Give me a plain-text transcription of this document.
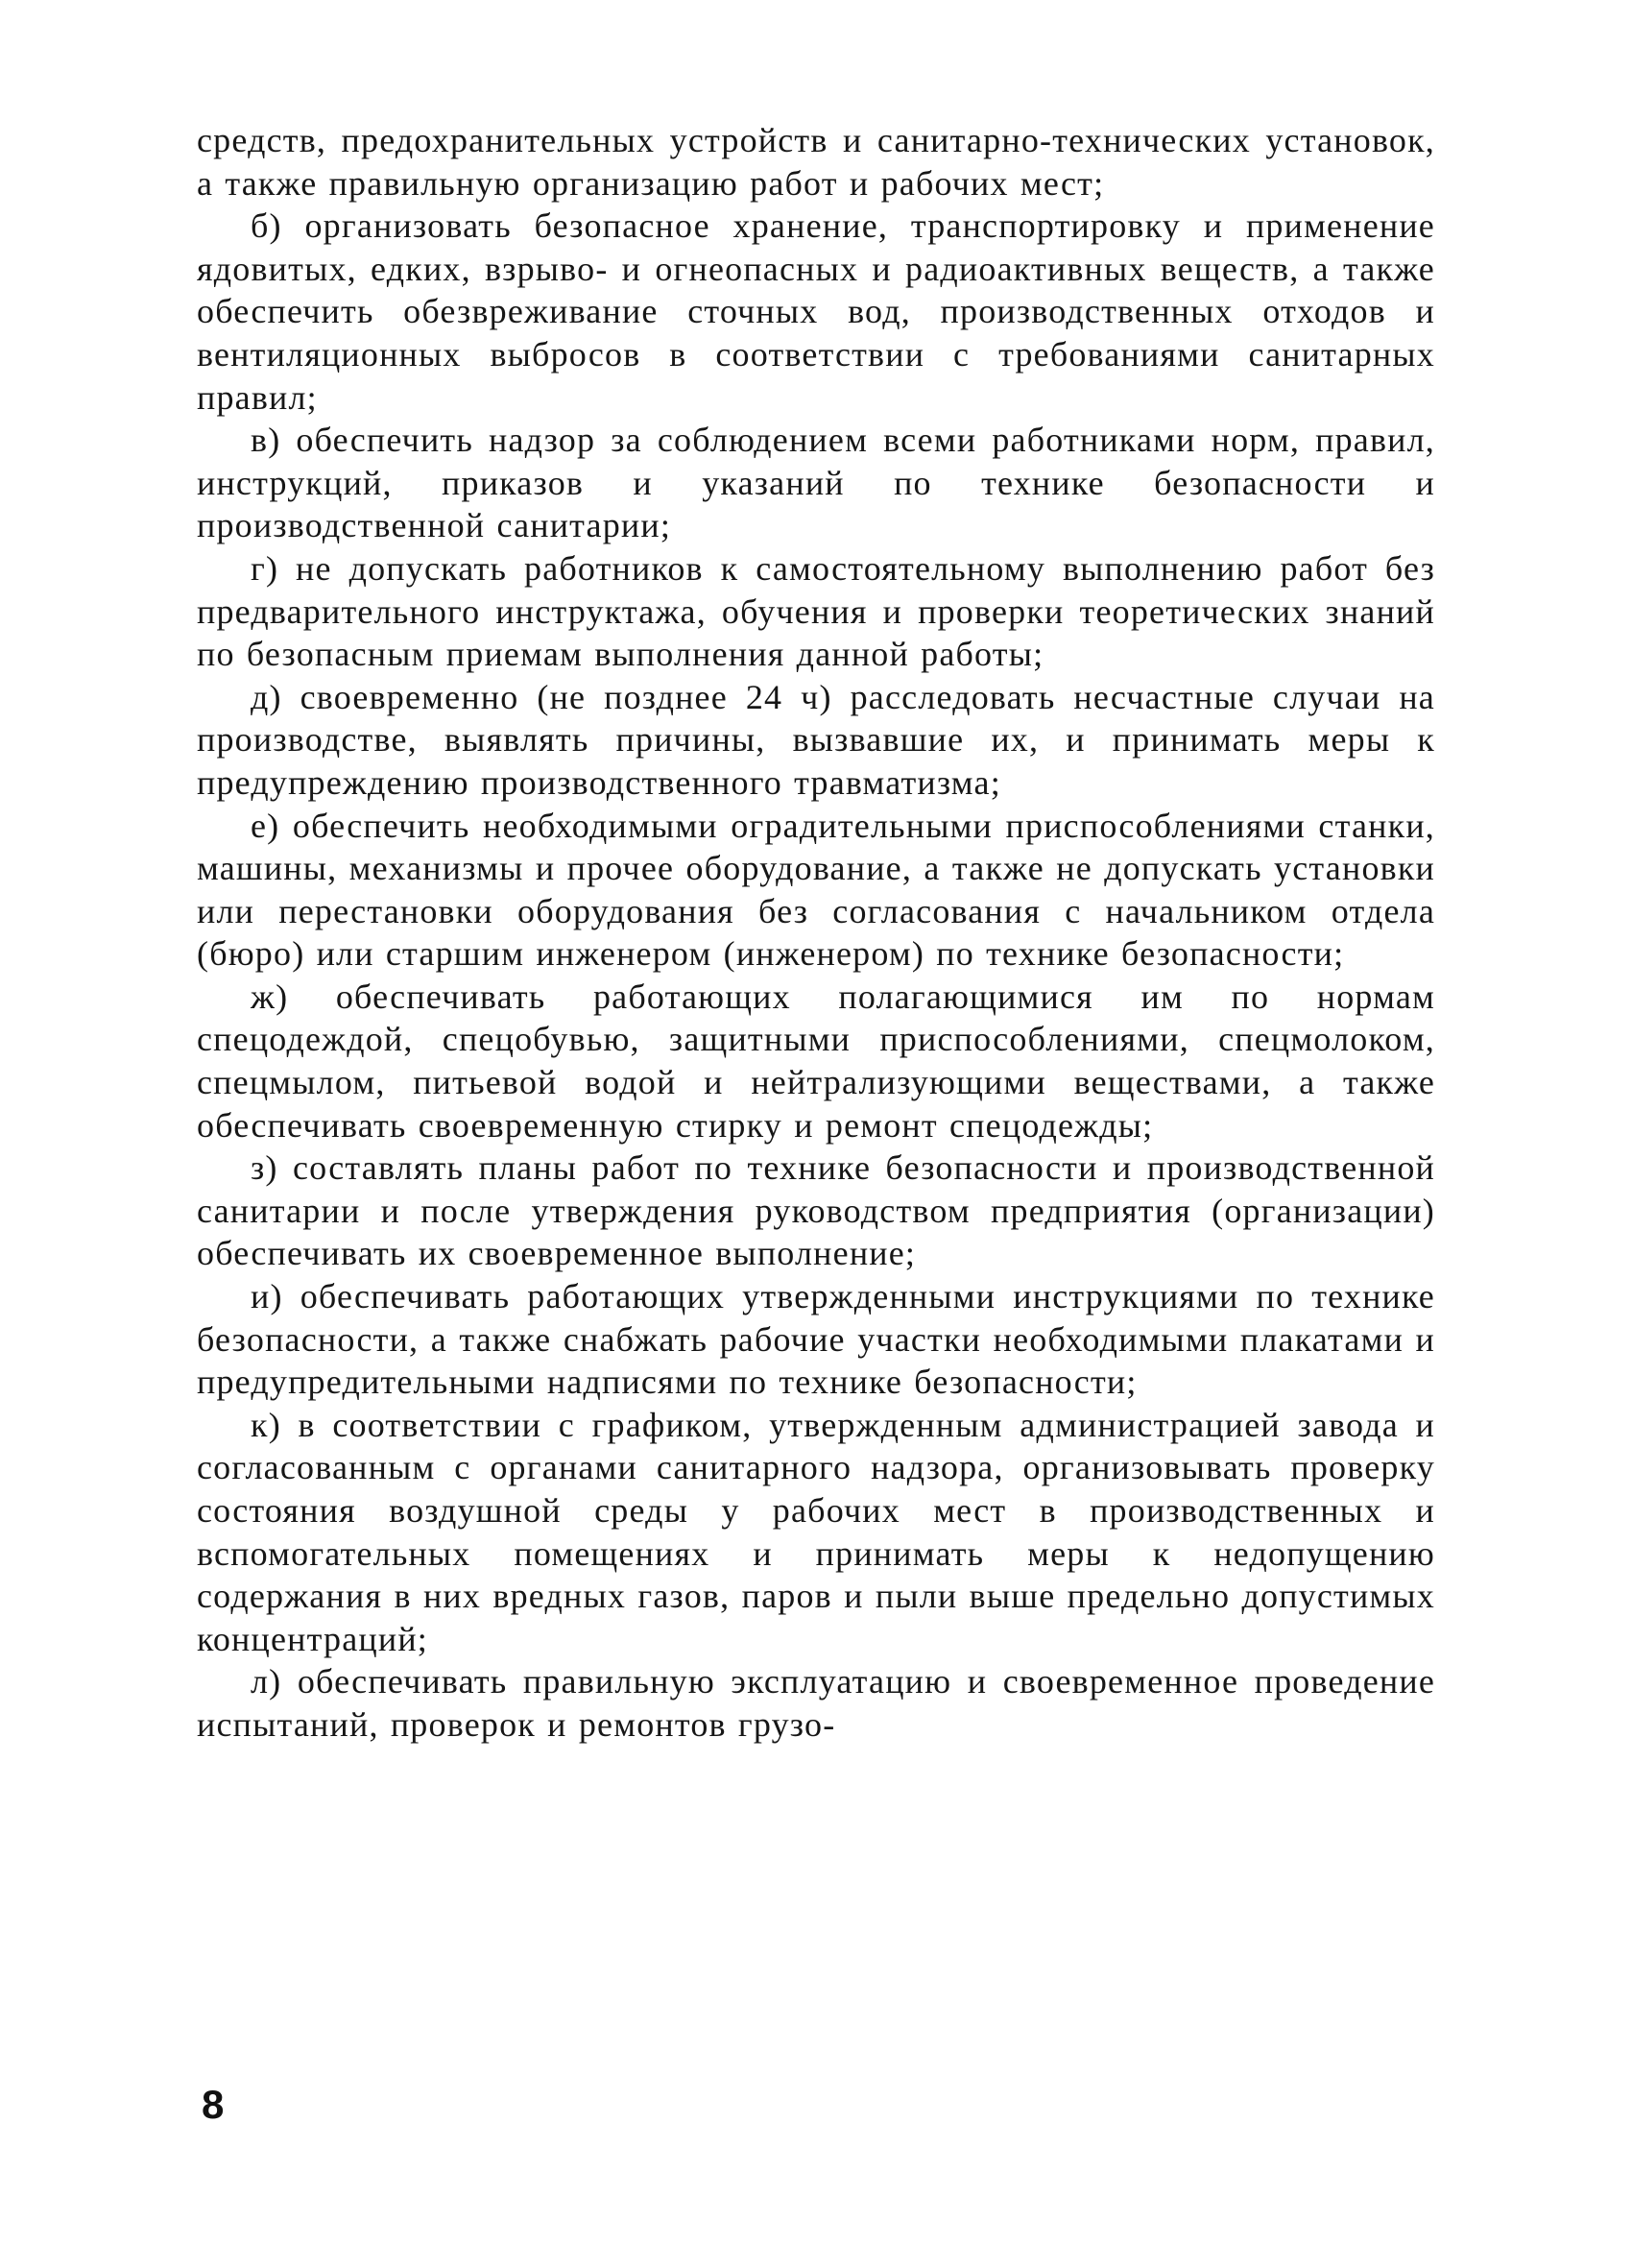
средств, предохранительных устройств и санитарно-технических установок, а также правильную организацию работ и рабочих мест;

б) организовать безопасное хранение, транспортировку и применение ядовитых, едких, взрыво- и огнеопасных и радиоактивных веществ, а также обеспечить обезвреживание сточных вод, производственных отходов и вентиляционных выбросов в соответствии с требованиями санитарных правил;

в) обеспечить надзор за соблюдением всеми работниками норм, правил, инструкций, приказов и указаний по технике безопасности и производственной санитарии;

г) не допускать работников к самостоятельному выполнению работ без предварительного инструктажа, обучения и проверки теоретических знаний по безопасным приемам выполнения данной работы;

д) своевременно (не позднее 24 ч) расследовать несчастные случаи на производстве, выявлять причины, вызвавшие их, и принимать меры к предупреждению производственного травматизма;

е) обеспечить необходимыми оградительными приспособлениями станки, машины, механизмы и прочее оборудование, а также не допускать установки или перестановки оборудования без согласования с начальником отдела (бюро) или старшим инженером (инженером) по технике безопасности;

ж) обеспечивать работающих полагающимися им по нормам спецодеждой, спецобувью, защитными приспособлениями, спецмолоком, спецмылом, питьевой водой и нейтрализующими веществами, а также обеспечивать своевременную стирку и ремонт спецодежды;

з) составлять планы работ по технике безопасности и производственной санитарии и после утверждения руководством предприятия (организации) обеспечивать их своевременное выполнение;

и) обеспечивать работающих утвержденными инструкциями по технике безопасности, а также снабжать рабочие участки необходимыми плакатами и предупредительными надписями по технике безопасности;

к) в соответствии с графиком, утвержденным администрацией завода и согласованным с органами санитарного надзора, организовывать проверку состояния воздушной среды у рабочих мест в производственных и вспомогательных помещениях и принимать меры к недопущению содержания в них вредных газов, паров и пыли выше предельно допустимых концентраций;

л) обеспечивать правильную эксплуатацию и своевременное проведение испытаний, проверок и ремонтов грузо-

8
